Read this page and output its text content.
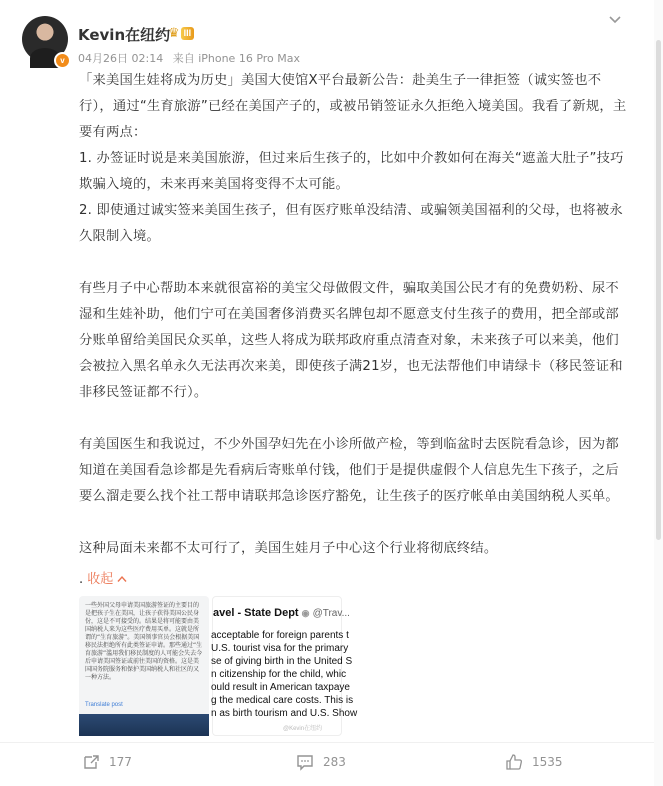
v
Kevin在纽约
♛ III
04月26日 02:14 来自 iPhone 16 Pro Max

「来美国生娃将成为历史」美国大使馆X平台最新公告：赴美生子一律拒签（诚实签也不行），通过“生育旅游”已经在美国产子的，或被吊销签证永久拒绝入境美国。我看了新规，主要有两点：

1. 办签证时说是来美国旅游，但过来后生孩子的，比如中介教如何在海关“遮盖大肚子”技巧欺骗入境的，未来再来美国将变得不太可能。

2. 即使通过诚实签来美国生孩子，但有医疗账单没结清、或骗领美国福利的父母，也将被永久限制入境。

有些月子中心帮助本来就很富裕的美宝父母做假文件，骗取美国公民才有的免费奶粉、尿不湿和生娃补助，他们宁可在美国奢侈消费买名牌包却不愿意支付生孩子的费用，把全部或部分账单留给美国民众买单，这些人将成为联邦政府重点清查对象，未来孩子可以来美，他们会被拉入黑名单永久无法再次来美，即使孩子满21岁，也无法帮他们申请绿卡（移民签证和非移民签证都不行）。

有美国医生和我说过，不少外国孕妇先在小诊所做产检，等到临盆时去医院看急诊，因为都知道在美国看急诊都是先看病后寄账单付钱，他们于是提供虚假个人信息先生下孩子，之后要么溜走要么找个社工帮申请联邦急诊医疗豁免，让生孩子的医疗帐单由美国纳税人买单。

这种局面未来都不太可行了，美国生娃月子中心这个行业将彻底终结。

. 收起
一些外国父母申请美国旅游签证的主要目的是把孩子生在美国，让孩子获得美国公民身份，这是不可接受的。结果是将可能要由美国纳税人来为这些医疗费用买单。这就是所谓的“生育旅游”。美国领事官员会根据美国移民法拒绝所有此类签证申请。那些通过“生育旅游”滥用我们移民制度的人可能会失去今后申请美国签证或前往美国的资格。这是美国国务院服务和保护美国纳税人和社区的又一种方法。
Translate post
avel - State Dept ◉ @Trav...
acceptable for foreign parents t
U.S. tourist visa for the primary
se of giving birth in the United S
n citizenship for the child, whic
ould result in American taxpaye
g the medical care costs. This is
n as birth tourism and U.S. Show
@Kevin在纽约
177	283	1535
